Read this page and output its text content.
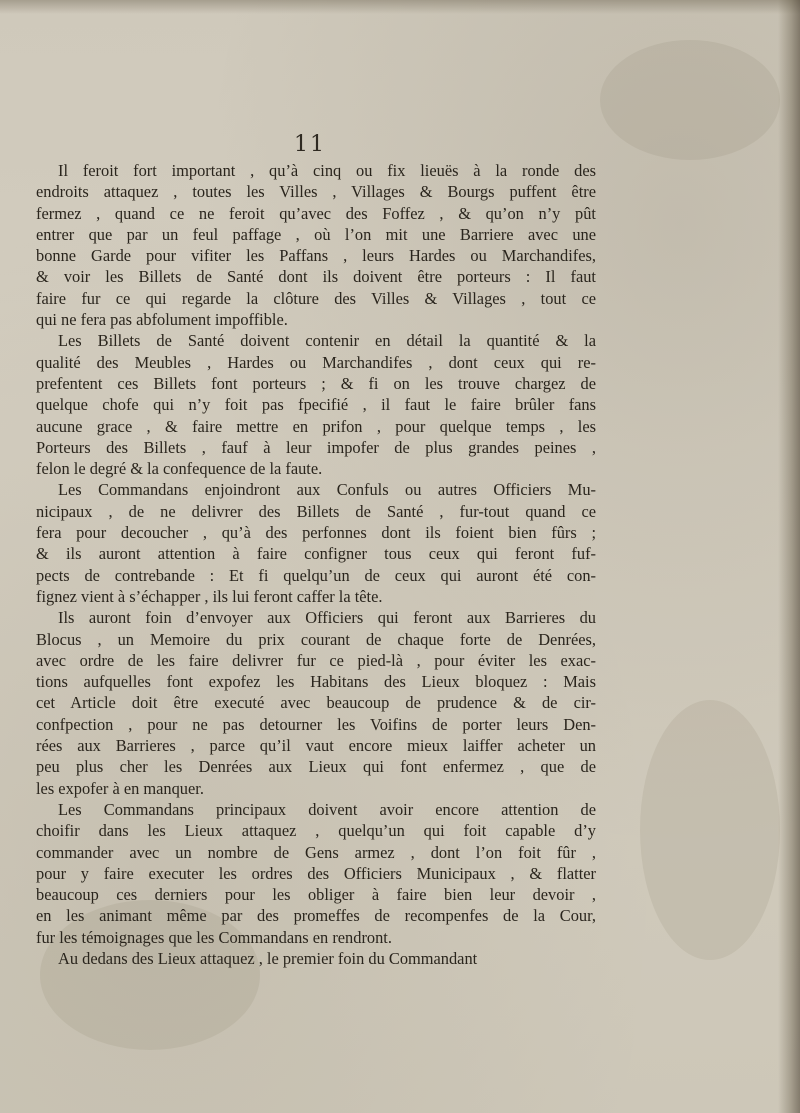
11
Il feroit fort important , qu’à cinq ou fix lieuës à la ronde des
endroits attaquez , toutes les Villes , Villages & Bourgs puffent être
fermez , quand ce ne feroit qu’avec des Foffez , & qu’on n’y pût
entrer que par un feul paffage , où l’on mit une Barriere avec une
bonne Garde pour vifiter les Paffans , leurs Hardes ou Marchandifes,
& voir les Billets de Santé dont ils doivent être porteurs : Il faut
faire fur ce qui regarde la clôture des Villes & Villages , tout ce
qui ne fera pas abfolument impoffible.
Les Billets de Santé doivent contenir en détail la quantité & la
qualité des Meubles , Hardes ou Marchandifes , dont ceux qui re-
prefentent ces Billets font porteurs ; & fi on les trouve chargez de
quelque chofe qui n’y foit pas fpecifié , il faut le faire brûler fans
aucune grace , & faire mettre en prifon , pour quelque temps , les
Porteurs des Billets , fauf à leur impofer de plus grandes peines ,
felon le degré & la confequence de la faute.
Les Commandans enjoindront aux Confuls ou autres Officiers Mu-
nicipaux , de ne delivrer des Billets de Santé , fur-tout quand ce
fera pour decoucher , qu’à des perfonnes dont ils foient bien fûrs ;
& ils auront attention à faire configner tous ceux qui feront fuf-
pects de contrebande : Et fi quelqu’un de ceux qui auront été con-
fignez vient à s’échapper , ils lui feront caffer la tête.
Ils auront foin d’envoyer aux Officiers qui feront aux Barrieres du
Blocus , un Memoire du prix courant de chaque forte de Denrées,
avec ordre de les faire delivrer fur ce pied-là , pour éviter les exac-
tions aufquelles font expofez les Habitans des Lieux bloquez : Mais
cet Article doit être executé avec beaucoup de prudence & de cir-
confpection , pour ne pas detourner les Voifins de porter leurs Den-
rées aux Barrieres , parce qu’il vaut encore mieux laiffer acheter un
peu plus cher les Denrées aux Lieux qui font enfermez , que de
les expofer à en manquer.
Les Commandans principaux doivent avoir encore attention de
choifir dans les Lieux attaquez , quelqu’un qui foit capable d’y
commander avec un nombre de Gens armez , dont l’on foit fûr ,
pour y faire executer les ordres des Officiers Municipaux , & flatter
beaucoup ces derniers pour les obliger à faire bien leur devoir ,
en les animant même par des promeffes de recompenfes de la Cour,
fur les témoignages que les Commandans en rendront.
Au dedans des Lieux attaquez , le premier foin du Commandant
